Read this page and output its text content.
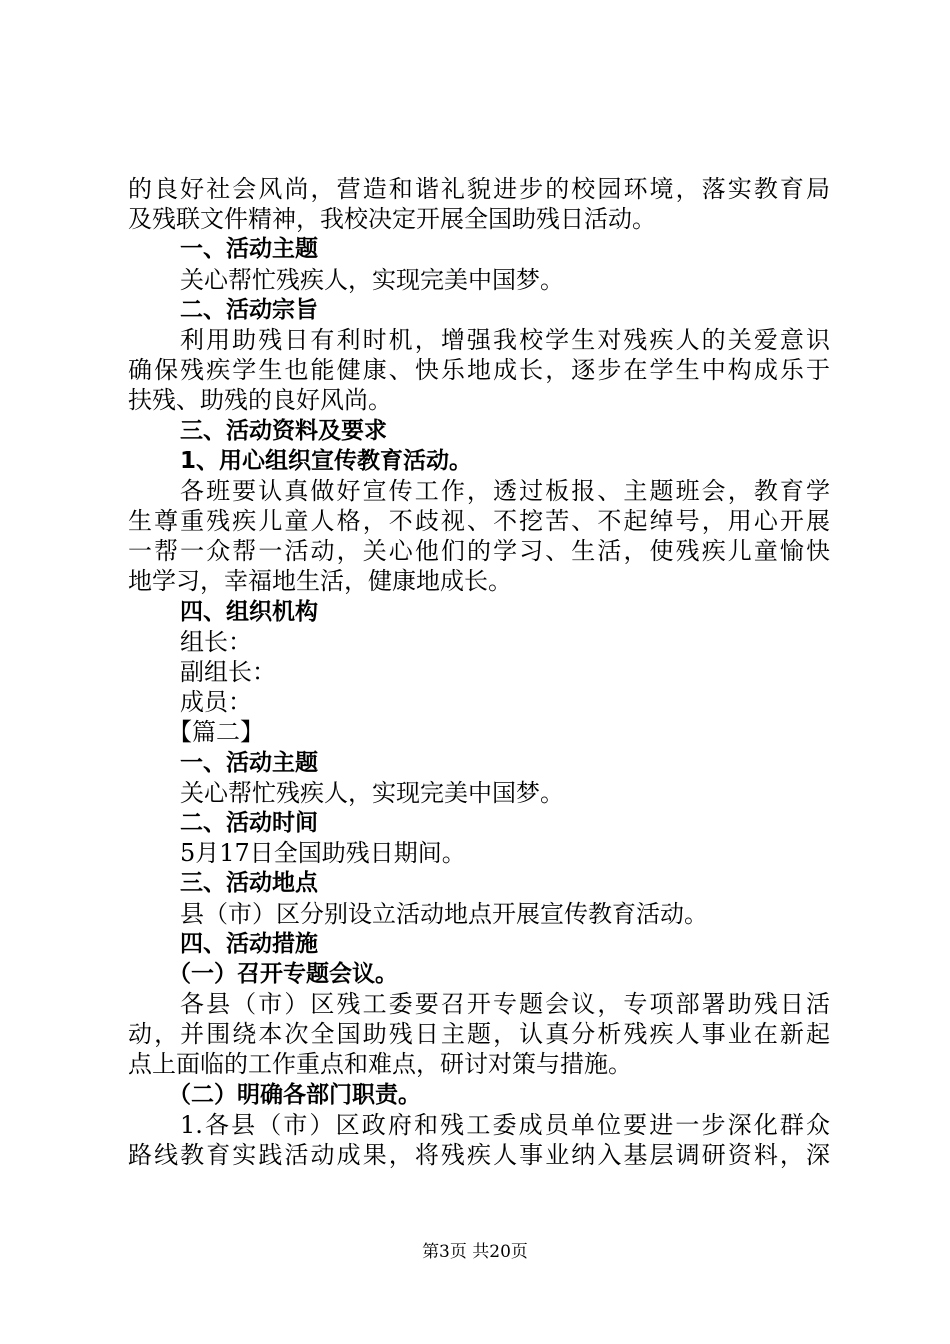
的良好社会风尚，营造和谐礼貌进步的校园环境，落实教育局
及残联文件精神，我校决定开展全国助残日活动。
一、活动主题
关心帮忙残疾人，实现完美中国梦。
二、活动宗旨
利用助残日有利时机，增强我校学生对残疾人的关爱意识
确保残疾学生也能健康、快乐地成长，逐步在学生中构成乐于
扶残、助残的良好风尚。
三、活动资料及要求
1、用心组织宣传教育活动。
各班要认真做好宣传工作，透过板报、主题班会，教育学
生尊重残疾儿童人格，不歧视、不挖苦、不起绰号，用心开展
一帮一众帮一活动，关心他们的学习、生活，使残疾儿童愉快
地学习，幸福地生活，健康地成长。
四、组织机构
组长：
副组长：
成员：
【篇二】
一、活动主题
关心帮忙残疾人，实现完美中国梦。
二、活动时间
5月17日全国助残日期间。
三、活动地点
县（市）区分别设立活动地点开展宣传教育活动。
四、活动措施
（一）召开专题会议。
各县（市）区残工委要召开专题会议，专项部署助残日活
动，并围绕本次全国助残日主题，认真分析残疾人事业在新起
点上面临的工作重点和难点，研讨对策与措施。
（二）明确各部门职责。
1.各县（市）区政府和残工委成员单位要进一步深化群众
路线教育实践活动成果，将残疾人事业纳入基层调研资料，深
第3页 共20页
